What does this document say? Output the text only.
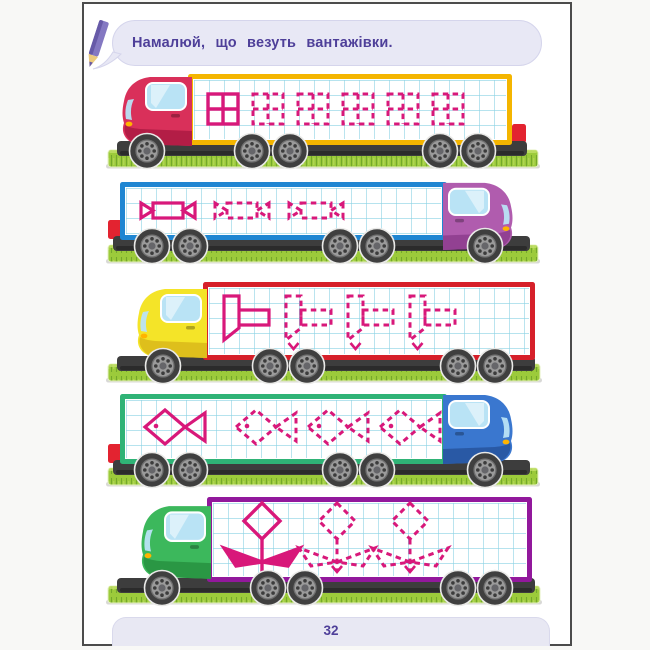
Намалюй, що везуть вантажівки.
32
